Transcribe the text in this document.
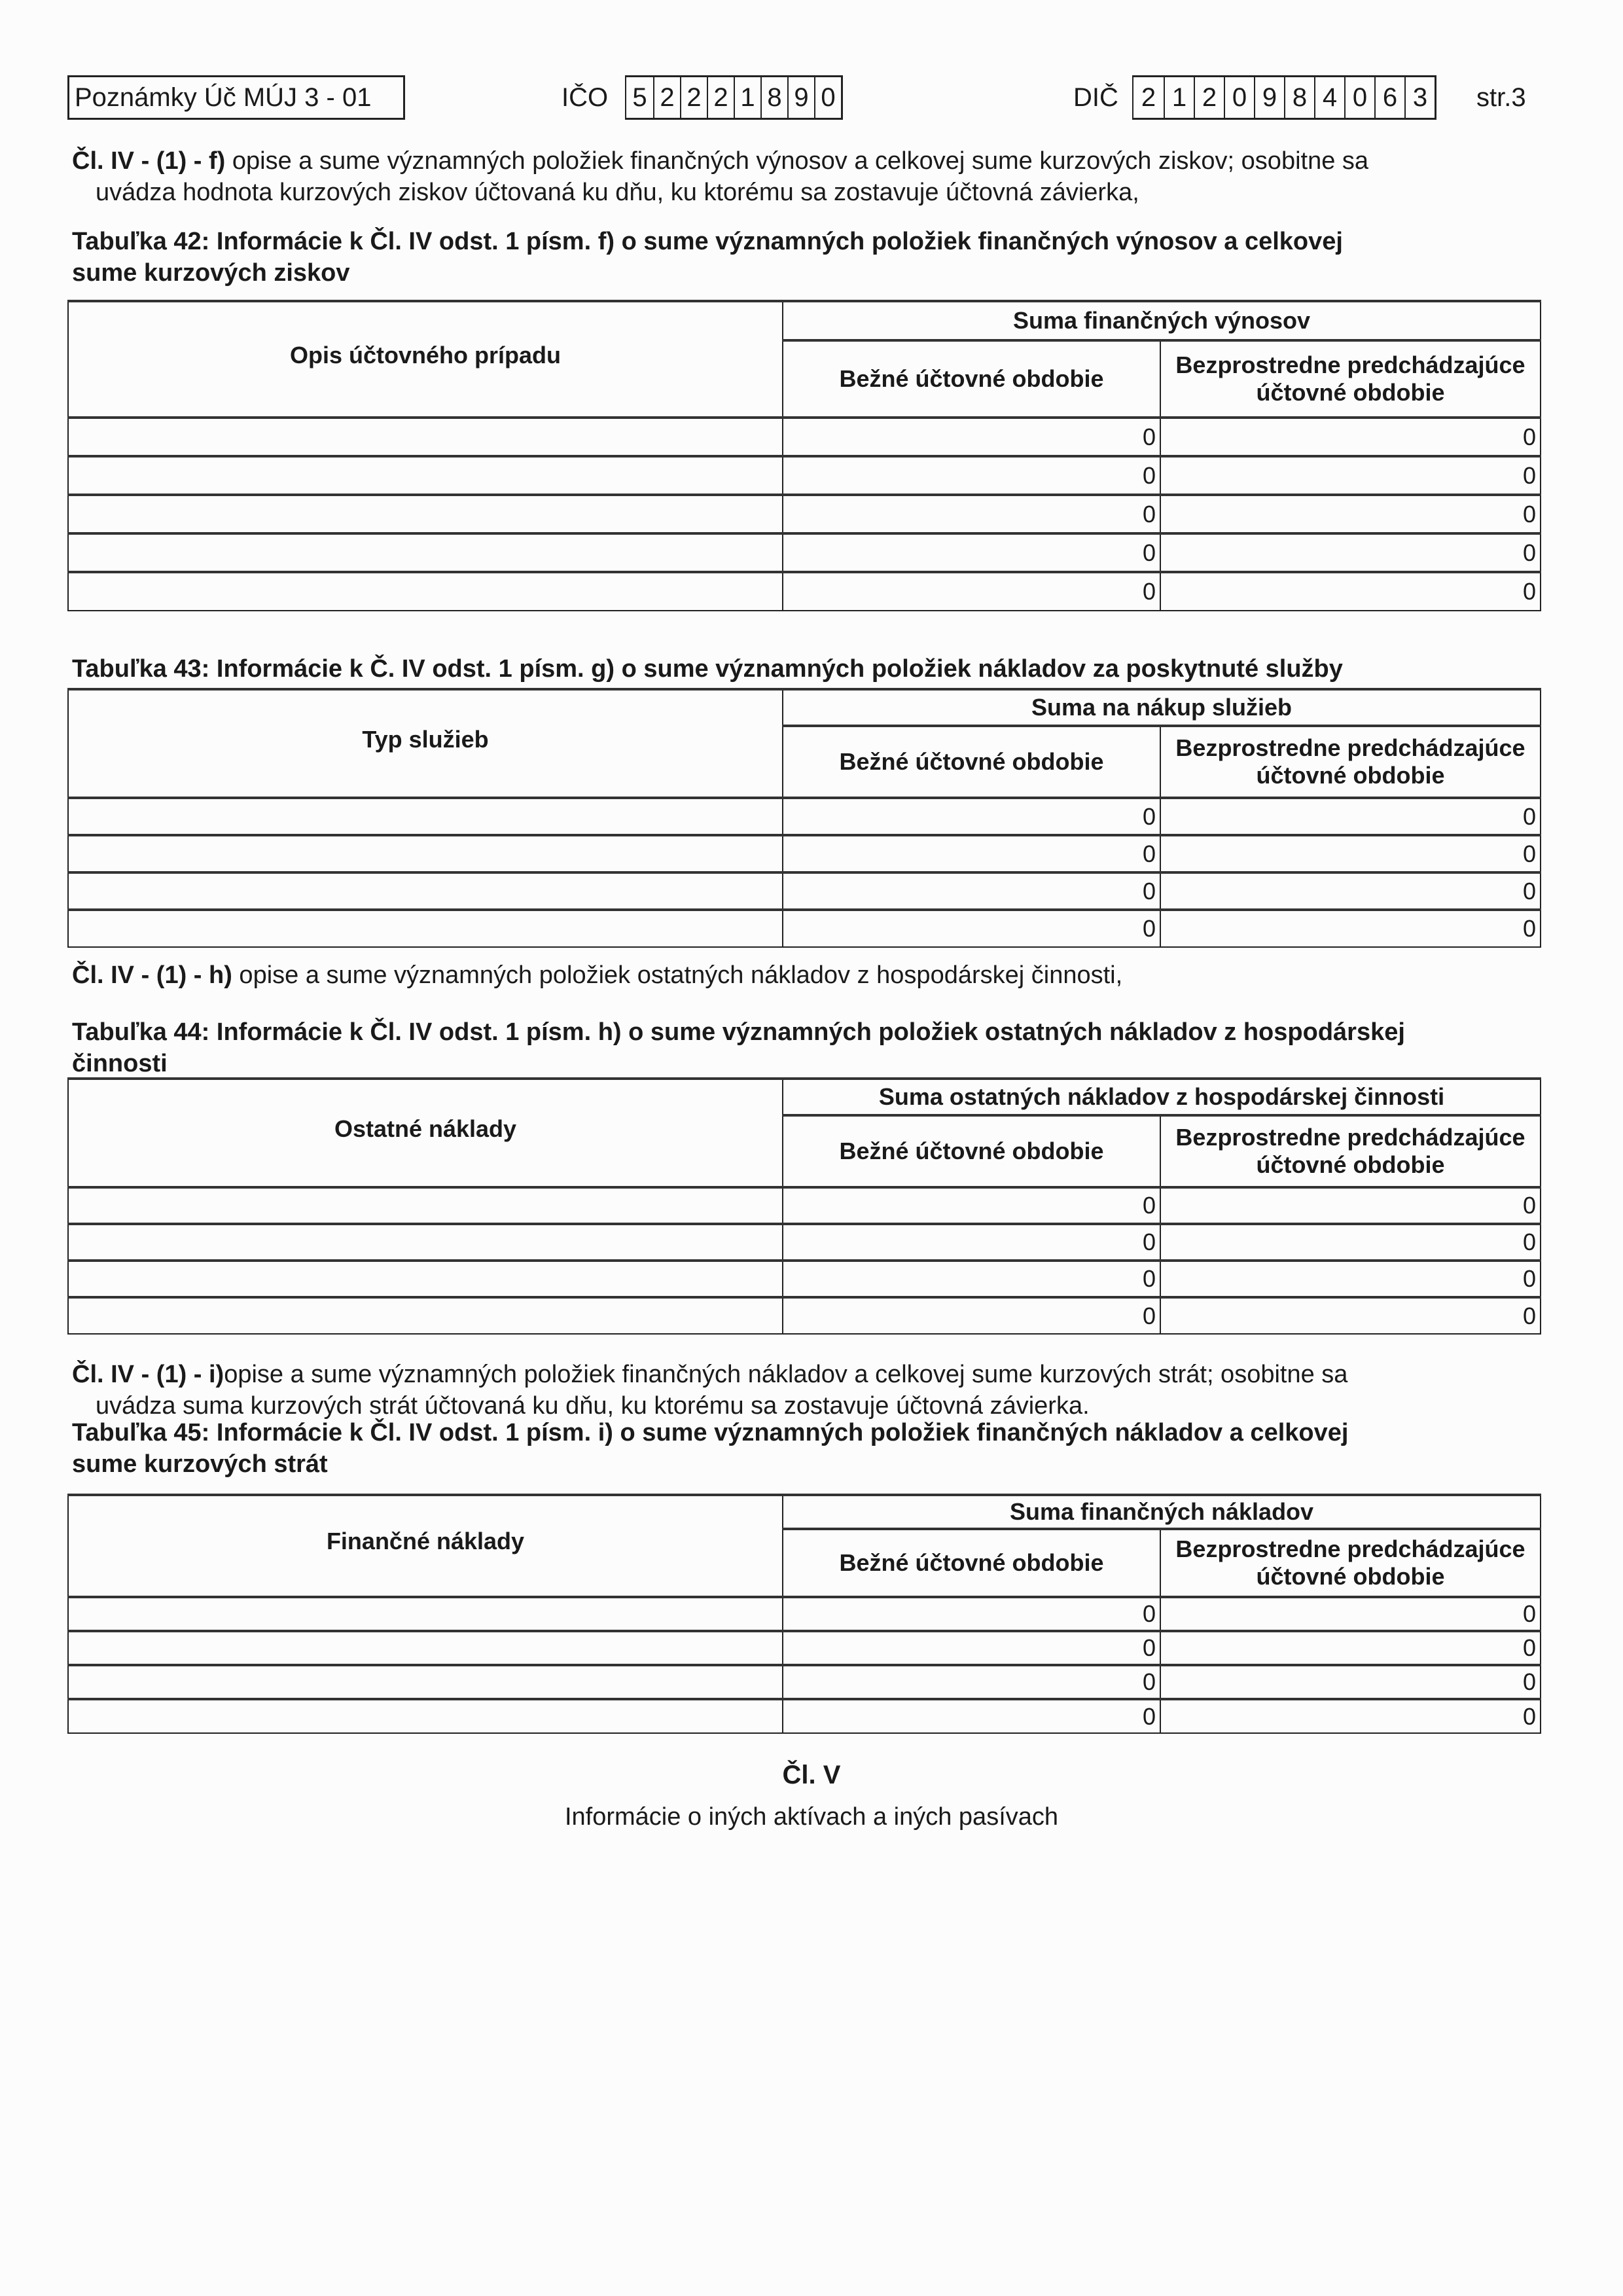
Poznámky Úč MÚJ 3 - 01	IČO 5 2 2 2 1 8 9 0	DIČ 2 1 2 0 9 8 4 0 6 3 str.3
Čl. IV - (1) - f) opise a sume významných položiek finančných výnosov a celkovej sume kurzových ziskov; osobitne sa
uvádza hodnota kurzových ziskov účtovaná ku dňu, ku ktorému sa zostavuje účtovná závierka,
Tabuľka 42: Informácie k Čl. IV odst. 1 písm. f) o sume významných položiek finančných výnosov a celkovej
sume kurzových ziskov
Opis účtovného prípadu	Suma finančných výnosov	
	Bežné účtovné obdobie	Bezprostredne predchádzajúce
účtovné obdobie
	0	0
	0	0
	0	0
	0	0
	0	0
Tabuľka 43: Informácie k Č. IV odst. 1 písm. g) o sume významných položiek nákladov za poskytnuté služby
Typ služieb	Suma na nákup služieb	
	Bežné účtovné obdobie	Bezprostredne predchádzajúce
účtovné obdobie
	0	0
	0	0
	0	0
	0	0
Čl. IV - (1) - h) opise a sume významných položiek ostatných nákladov z hospodárskej činnosti,
Tabuľka 44: Informácie k Čl. IV odst. 1 písm. h) o sume významných položiek ostatných nákladov z hospodárskej
činnosti
Ostatné náklady	Suma ostatných nákladov z hospodárskej činnosti	
	Bežné účtovné obdobie	Bezprostredne predchádzajúce
účtovné obdobie
	0	0
	0	0
	0	0
	0	0
Čl. IV - (1) - i)opise a sume významných položiek finančných nákladov a celkovej sume kurzových strát; osobitne sa
uvádza suma kurzových strát účtovaná ku dňu, ku ktorému sa zostavuje účtovná závierka.
Tabuľka 45: Informácie k Čl. IV odst. 1 písm. i) o sume významných položiek finančných nákladov a celkovej
sume kurzových strát
Finančné náklady	Suma finančných nákladov	
	Bežné účtovné obdobie	Bezprostredne predchádzajúce
účtovné obdobie
	0	0
	0	0
	0	0
	0	0
Čl. V
Informácie o iných aktívach a iných pasívach
